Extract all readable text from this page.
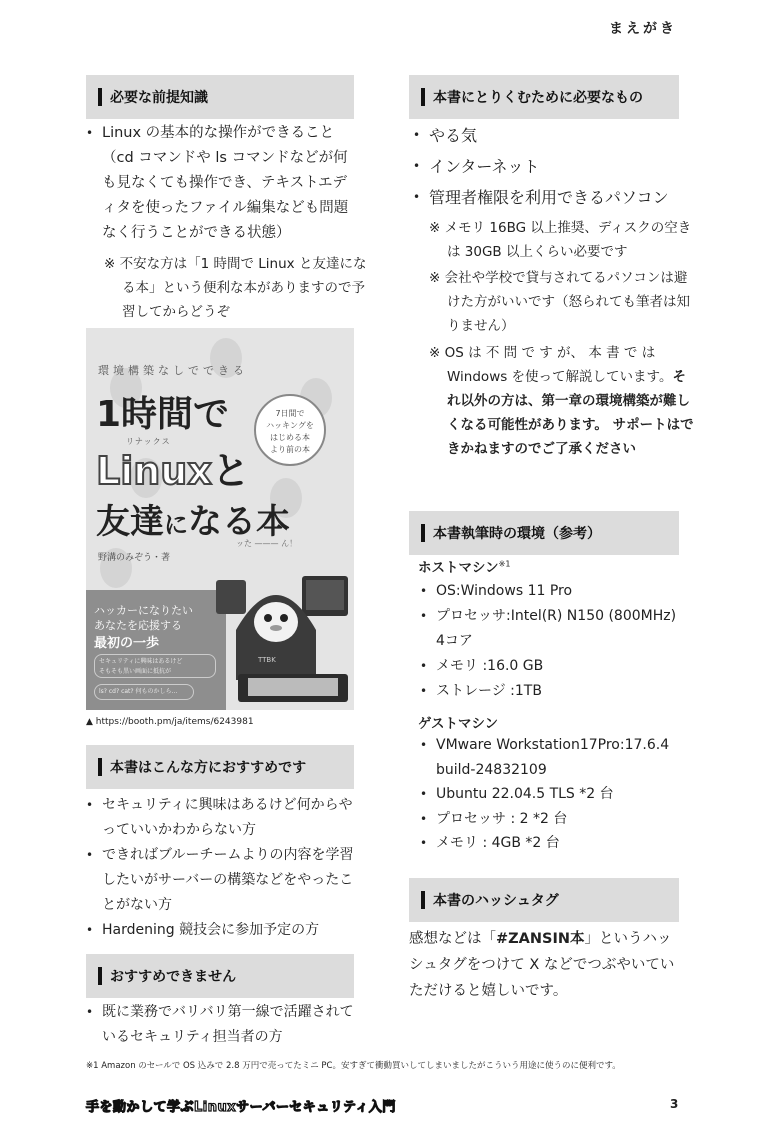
まえがき
必要な前提知識
• Linux の基本的な操作ができること（cd コマンドや ls コマンドなどが何も見なくても操作でき、テキストエディタを使ったファイル編集なども問題なく行うことができる状態）

※ 不安な方は「1 時間で Linux と友達になる本」という便利な本がありますので予習してからどうぞ

環境構築なしでできる
1時間で
リナックス
Linuxと
友達になる本
7日間で
ハッキングを
はじめる本
より前の本
野溝のみぞう・著
ッた ——— ん！
ハッカーになりたい
あなたを応援する
最初の一歩
セキュリティに興味はあるけど
そもそも黒い画面に抵抗が
ls? cd? cat? 何ものかしら…
TTBK
▲ https://booth.pm/ja/items/6243981
本書はこんな方におすすめです
• セキュリティに興味はあるけど何からやっていいかわからない方
• できればブルーチームよりの内容を学習したいがサーバーの構築などをやったことがない方
• Hardening 競技会に参加予定の方
おすすめできません
• 既に業務でバリバリ第一線で活躍されているセキュリティ担当者の方
本書にとりくむために必要なもの
• やる気
• インターネット
• 管理者権限を利用できるパソコン

※ メモリ 16BG 以上推奨、ディスクの空きは 30GB 以上くらい必要です

※ 会社や学校で貸与されてるパソコンは避けた方がいいです（怒られても筆者は知りません）

※ OS は 不 問 で す が、 本 書 で は Windows を使って解説しています。それ以外の方は、第一章の環境構築が難しくなる可能性があります。 サポートはできかねますのでご了承ください

本書執筆時の環境（参考）
ホストマシン$^{※1}$
• OS:Windows 11 Pro
• プロセッサ:Intel(R) N150 (800MHz) 4コア
• メモリ :16.0 GB
• ストレージ :1TB
ゲストマシン
• VMware Workstation17Pro:17.6.4 build-24832109
• Ubuntu 22.04.5 TLS *2 台
• プロセッサ : 2 *2 台
• メモリ : 4GB *2 台
本書のハッシュタグ

感想などは「#ZANSIN本」というハッシュタグをつけて X などでつぶやいていただけると嬉しいです。

※1 Amazon のセールで OS 込みで 2.8 万円で売ってたミニ PC。安すぎて衝動買いしてしまいましたがこういう用途に使うのに便利です。
手を動かして学ぶLinuxサーバーセキュリティ入門	3
